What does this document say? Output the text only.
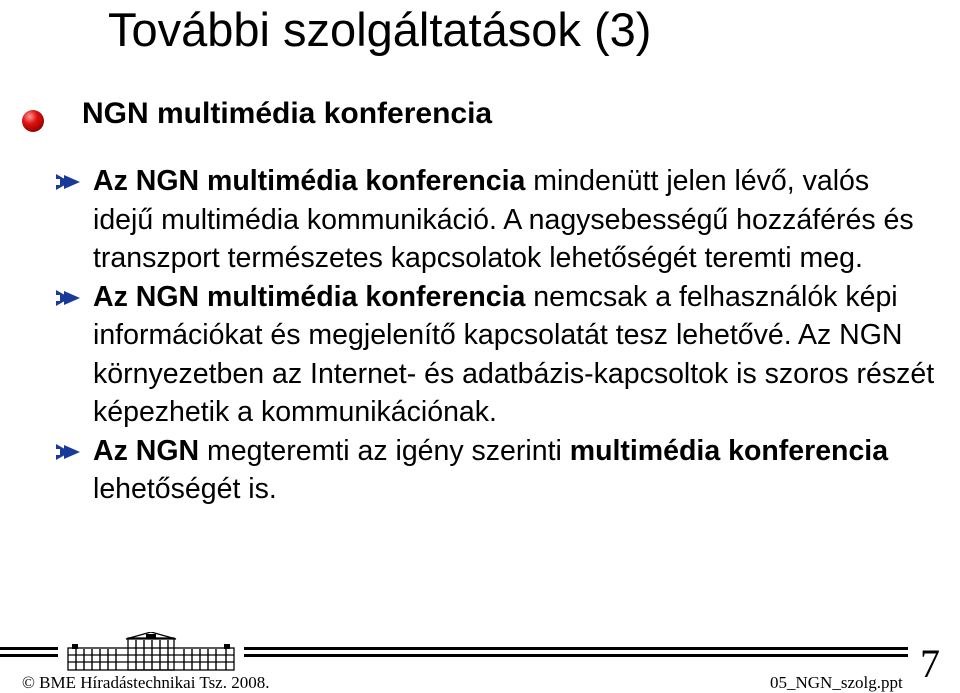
További szolgáltatások (3)
NGN multimédia konferencia
Az NGN multimédia konferencia mindenütt jelen lévő, valós idejű multimédia kommunikáció. A nagysebességű hozzáférés és transzport természetes kapcsolatok lehetőségét teremti meg.
Az NGN multimédia konferencia nemcsak a felhasználók képi információkat és megjelenítő kapcsolatát tesz lehetővé. Az NGN környezetben az Internet- és adatbázis-kapcsoltok is szoros részét képezhetik a kommunikációnak.
Az NGN megteremti az igény szerinti multimédia konferencia lehetőségét is.
© BME Híradástechnikai Tsz. 2008.	05_NGN_szolg.ppt 7
